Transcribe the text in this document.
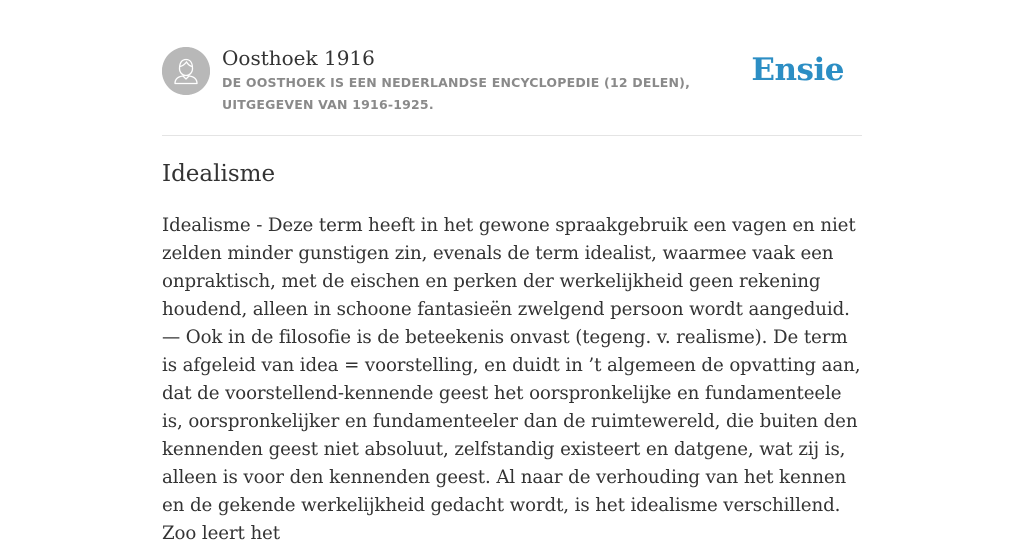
Oosthoek 1916
DE OOSTHOEK IS EEN NEDERLANDSE ENCYCLOPEDIE (12 DELEN), UITGEGEVEN VAN 1916-1925.
Ensie
Idealisme

Idealisme - Deze term heeft in het gewone spraakgebruik een vagen en niet zelden minder gunstigen zin, evenals de term idealist, waarmee vaak een onpraktisch, met de eischen en perken der werkelijkheid geen rekening houdend, alleen in schoone fantasieën zwelgend persoon wordt aangeduid. — Ook in de filosofie is de beteekenis onvast (tegeng. v. realisme). De term is afgeleid van idea = voorstelling, en duidt in ’t algemeen de opvatting aan, dat de voorstellend-kennende geest het oorspronkelijke en fundamenteele is, oorspronkelijker en fundamenteeler dan de ruimtewereld, die buiten den kennenden geest niet absoluut, zelfstandig existeert en datgene, wat zij is, alleen is voor den kennenden geest. Al naar de verhouding van het kennen en de gekende werkelijkheid gedacht wordt, is het idealisme verschillend. Zoo leert het
